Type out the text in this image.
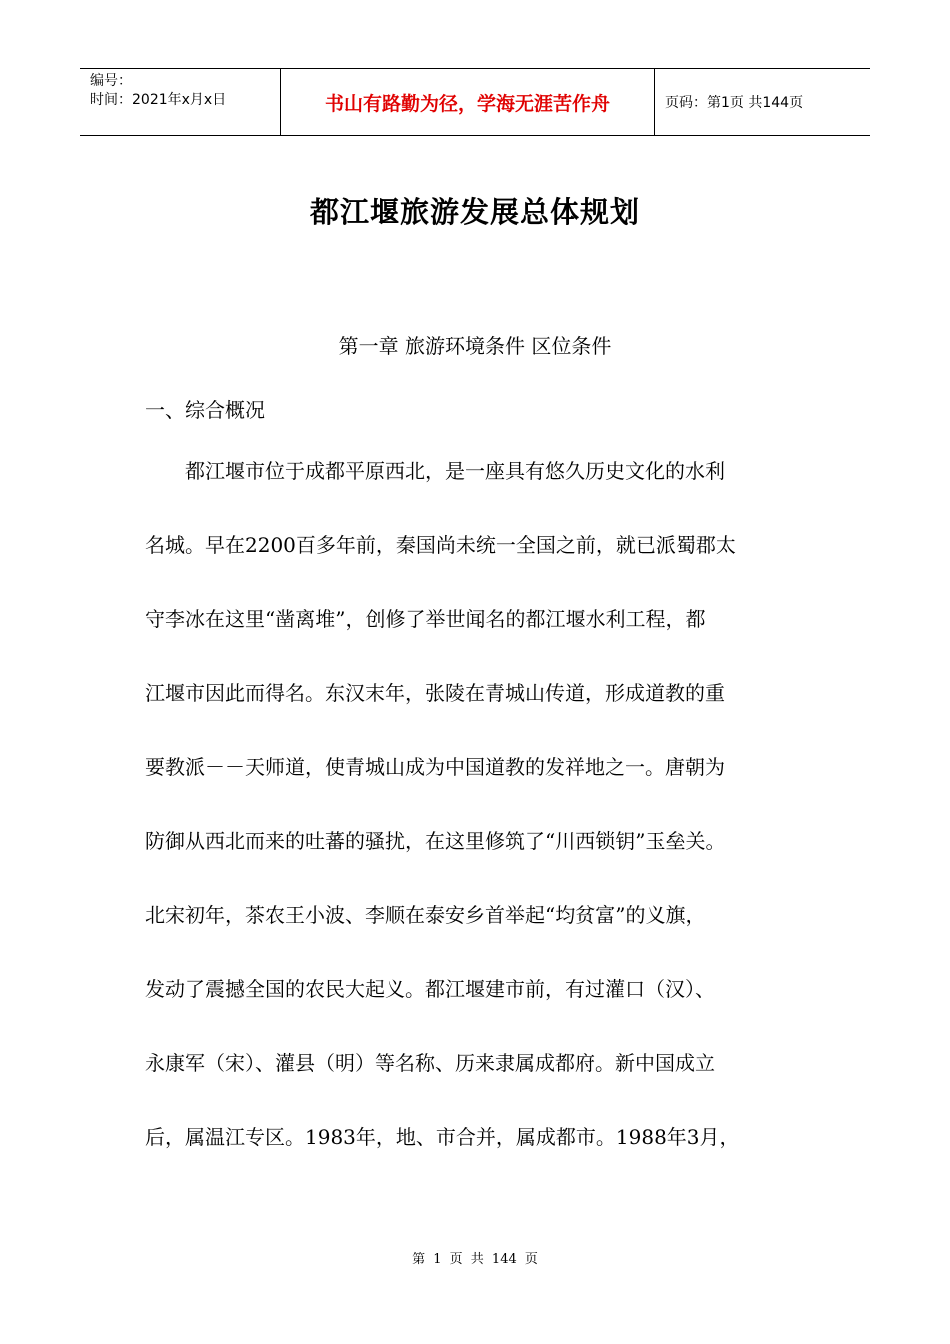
编号：
时间：2021年x月x日	书山有路勤为径，学海无涯苦作舟	页码：第1页 共144页
都江堰旅游发展总体规划
第一章 旅游环境条件 区位条件
一、综合概况
　　都江堰市位于成都平原西北，是一座具有悠久历史文化的水利
名城。早在2200百多年前，秦国尚未统一全国之前，就已派蜀郡太
守李冰在这里“凿离堆”，创修了举世闻名的都江堰水利工程，都
江堰市因此而得名。东汉末年，张陵在青城山传道，形成道教的重
要教派－－天师道，使青城山成为中国道教的发祥地之一。唐朝为
防御从西北而来的吐蕃的骚扰，在这里修筑了“川西锁钥”玉垒关。
北宋初年，茶农王小波、李顺在泰安乡首举起“均贫富”的义旗，
发动了震撼全国的农民大起义。都江堰建市前，有过灌口（汉）、
永康军（宋）、灌县（明）等名称、历来隶属成都府。新中国成立
后，属温江专区。1983年，地、市合并，属成都市。1988年3月，
第 1 页 共 144 页
